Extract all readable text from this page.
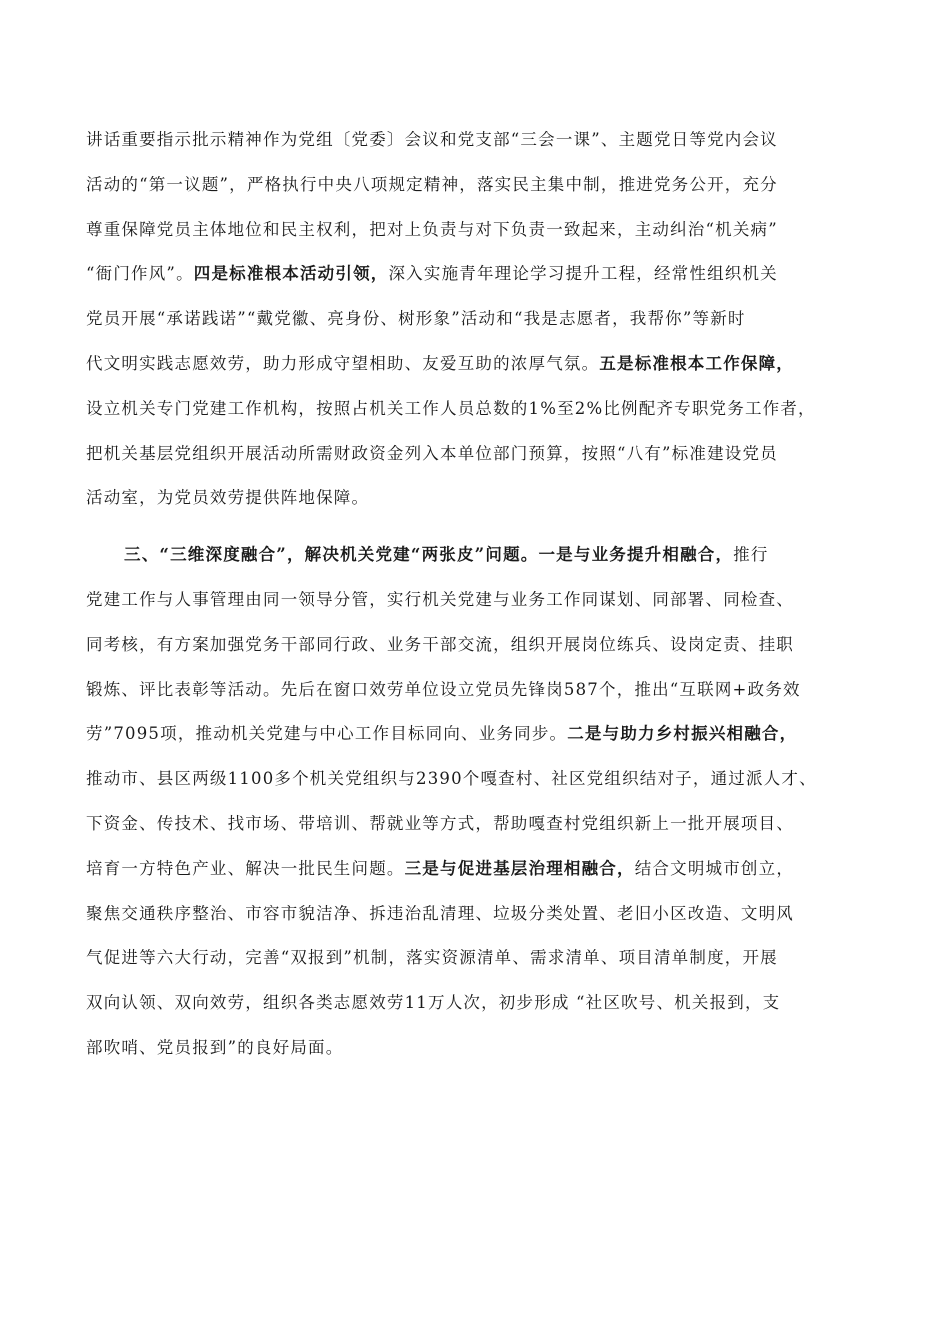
讲话重要指示批示精神作为党组〔党委〕会议和党支部“三会一课”、主题党日等党内会议
活动的“第一议题”，严格执行中央八项规定精神，落实民主集中制，推进党务公开，充分
尊重保障党员主体地位和民主权利，把对上负责与对下负责一致起来，主动纠治“机关病”
“衙门作风”。四是标准根本活动引领，深入实施青年理论学习提升工程，经常性组织机关
党员开展“承诺践诺”“戴党徽、亮身份、树形象”活动和“我是志愿者，我帮你”等新时
代文明实践志愿效劳，助力形成守望相助、友爱互助的浓厚气氛。五是标准根本工作保障，
设立机关专门党建工作机构，按照占机关工作人员总数的1%至2%比例配齐专职党务工作者，
把机关基层党组织开展活动所需财政资金列入本单位部门预算，按照“八有”标准建设党员
活动室，为党员效劳提供阵地保障。
三、“三维深度融合”，解决机关党建“两张皮”问题。一是与业务提升相融合，推行
党建工作与人事管理由同一领导分管，实行机关党建与业务工作同谋划、同部署、同检查、
同考核，有方案加强党务干部同行政、业务干部交流，组织开展岗位练兵、设岗定责、挂职
锻炼、评比表彰等活动。先后在窗口效劳单位设立党员先锋岗587个，推出“互联网+政务效
劳”7095项，推动机关党建与中心工作目标同向、业务同步。二是与助力乡村振兴相融合，
推动市、县区两级1100多个机关党组织与2390个嘎查村、社区党组织结对子，通过派人才、
下资金、传技术、找市场、带培训、帮就业等方式，帮助嘎查村党组织新上一批开展项目、
培育一方特色产业、解决一批民生问题。三是与促进基层治理相融合，结合文明城市创立，
聚焦交通秩序整治、市容市貌洁净、拆违治乱清理、垃圾分类处置、老旧小区改造、文明风
气促进等六大行动，完善“双报到”机制，落实资源清单、需求清单、项目清单制度，开展
双向认领、双向效劳，组织各类志愿效劳11万人次，初步形成 “社区吹号、机关报到，支
部吹哨、党员报到”的良好局面。
